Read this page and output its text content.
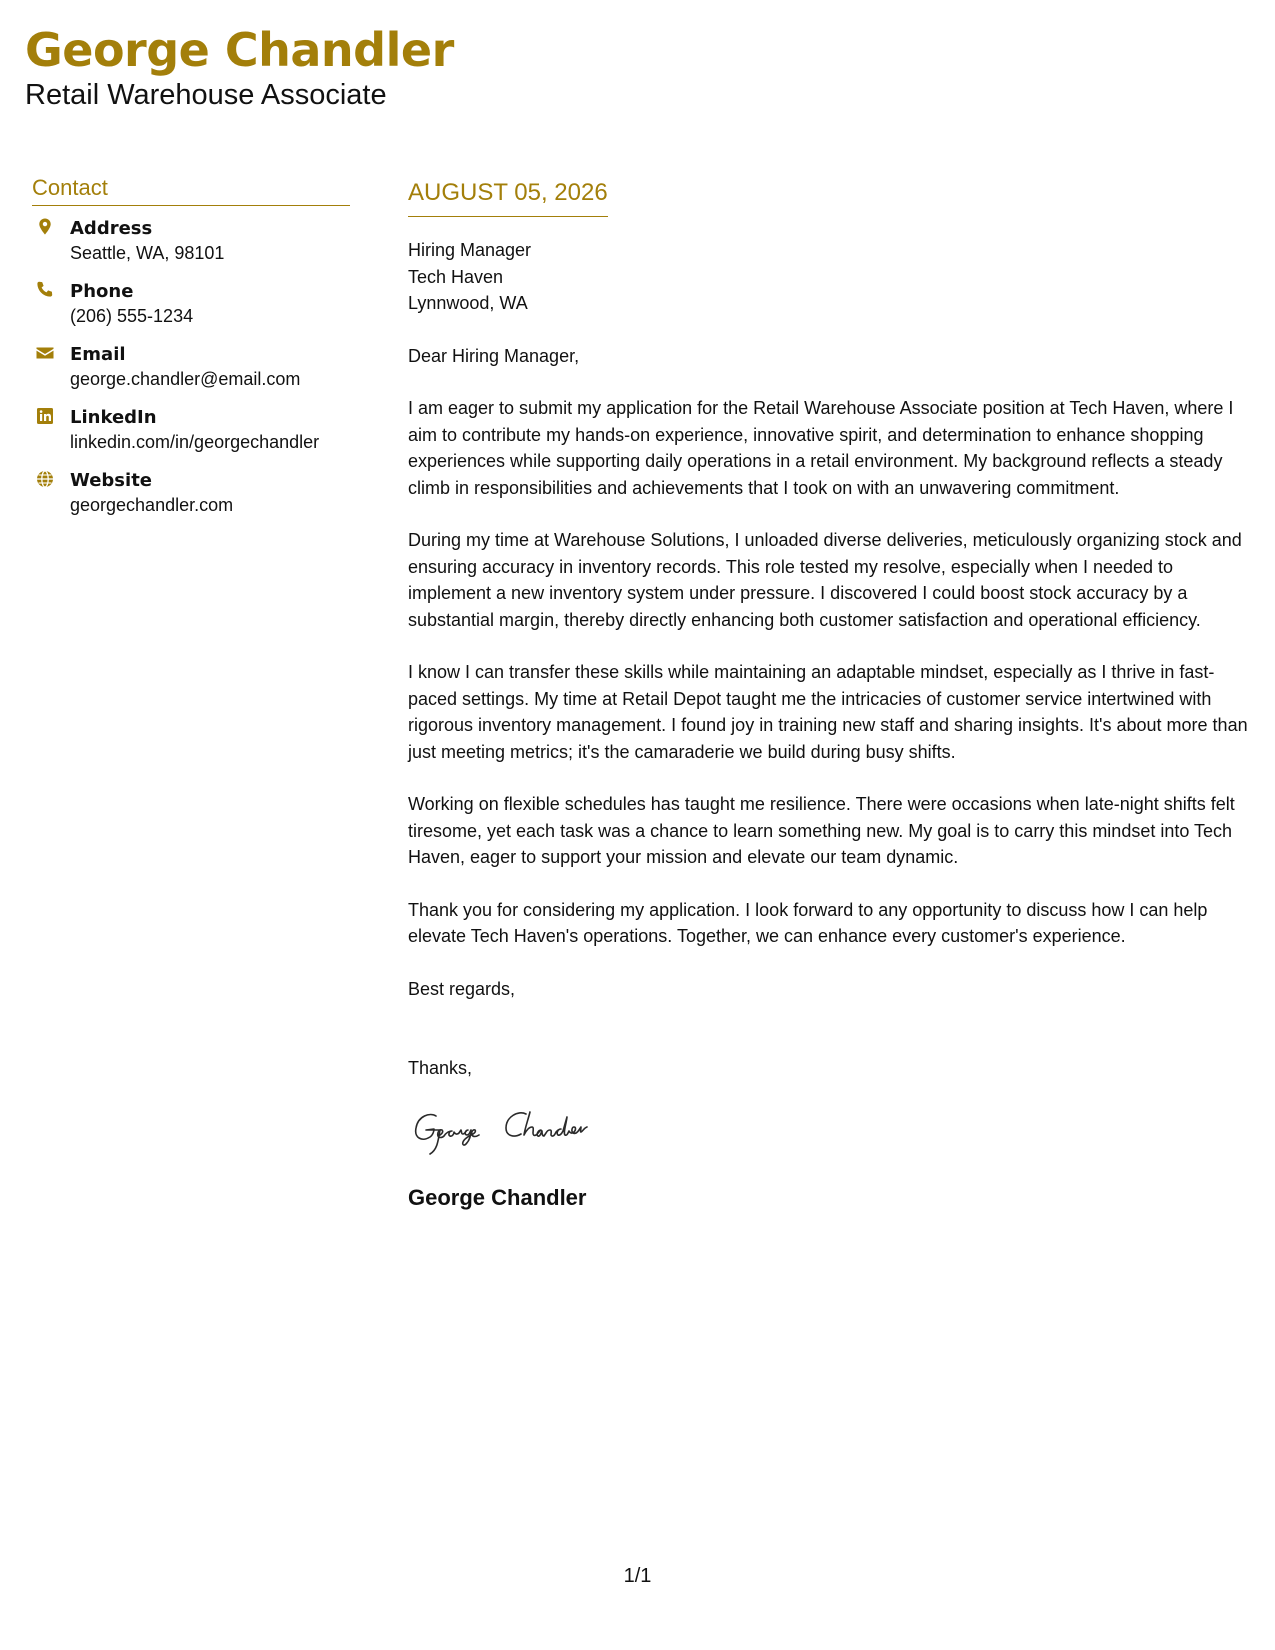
George Chandler
Retail Warehouse Associate
Contact
Address
Seattle, WA, 98101
Phone
(206) 555-1234
Email
george.chandler@email.com
LinkedIn
linkedin.com/in/georgechandler
Website
georgechandler.com
AUGUST 05, 2026
Hiring Manager
Tech Haven
Lynnwood, WA

Dear Hiring Manager,

I am eager to submit my application for the Retail Warehouse Associate position at Tech Haven, where I aim to contribute my hands-on experience, innovative spirit, and determination to enhance shopping experiences while supporting daily operations in a retail environment. My background reflects a steady climb in responsibilities and achievements that I took on with an unwavering commitment.

During my time at Warehouse Solutions, I unloaded diverse deliveries, meticulously organizing stock and ensuring accuracy in inventory records. This role tested my resolve, especially when I needed to implement a new inventory system under pressure. I discovered I could boost stock accuracy by a substantial margin, thereby directly enhancing both customer satisfaction and operational efficiency.

I know I can transfer these skills while maintaining an adaptable mindset, especially as I thrive in fast-paced settings. My time at Retail Depot taught me the intricacies of customer service intertwined with rigorous inventory management. I found joy in training new staff and sharing insights. It's about more than just meeting metrics; it's the camaraderie we build during busy shifts.

Working on flexible schedules has taught me resilience. There were occasions when late-night shifts felt tiresome, yet each task was a chance to learn something new. My goal is to carry this mindset into Tech Haven, eager to support your mission and elevate our team dynamic.

Thank you for considering my application. I look forward to any opportunity to discuss how I can help elevate Tech Haven's operations. Together, we can enhance every customer's experience.

Best regards,

Thanks,

George Chandler
1/1
